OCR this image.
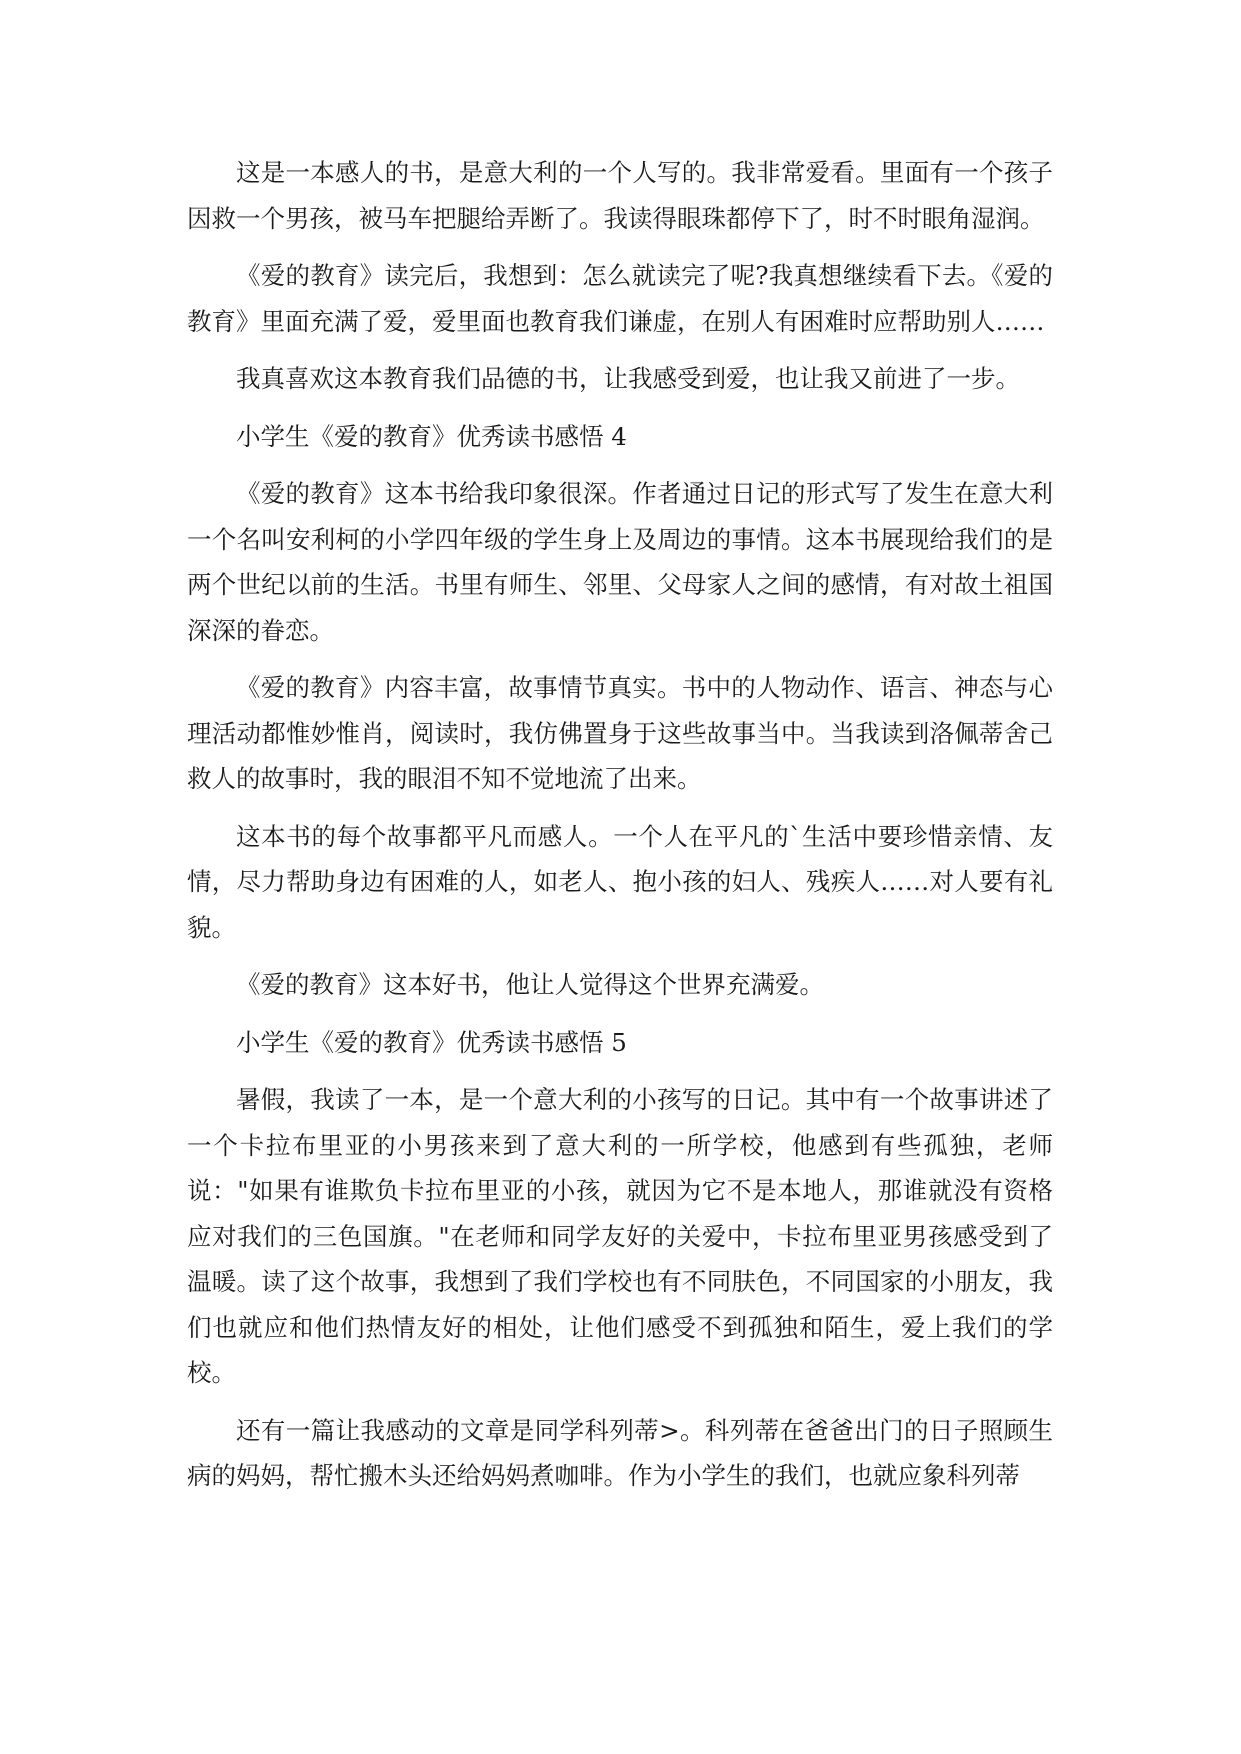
这是一本感人的书，是意大利的一个人写的。我非常爱看。里面有一个孩子因救一个男孩，被马车把腿给弄断了。我读得眼珠都停下了，时不时眼角湿润。

《爱的教育》读完后，我想到：怎么就读完了呢?我真想继续看下去。《爱的教育》里面充满了爱，爱里面也教育我们谦虚，在别人有困难时应帮助别人……

我真喜欢这本教育我们品德的书，让我感受到爱，也让我又前进了一步。

小学生《爱的教育》优秀读书感悟 4

《爱的教育》这本书给我印象很深。作者通过日记的形式写了发生在意大利一个名叫安利柯的小学四年级的学生身上及周边的事情。这本书展现给我们的是两个世纪以前的生活。书里有师生、邻里、父母家人之间的感情，有对故土祖国深深的眷恋。

《爱的教育》内容丰富，故事情节真实。书中的人物动作、语言、神态与心理活动都惟妙惟肖，阅读时，我仿佛置身于这些故事当中。当我读到洛佩蒂舍己救人的故事时，我的眼泪不知不觉地流了出来。

这本书的每个故事都平凡而感人。一个人在平凡的`生活中要珍惜亲情、友情，尽力帮助身边有困难的人，如老人、抱小孩的妇人、残疾人……对人要有礼貌。

《爱的教育》这本好书，他让人觉得这个世界充满爱。

小学生《爱的教育》优秀读书感悟 5

暑假，我读了一本，是一个意大利的小孩写的日记。其中有一个故事讲述了一个卡拉布里亚的小男孩来到了意大利的一所学校，他感到有些孤独，老师说："如果有谁欺负卡拉布里亚的小孩，就因为它不是本地人，那谁就没有资格应对我们的三色国旗。"在老师和同学友好的关爱中，卡拉布里亚男孩感受到了温暖。读了这个故事，我想到了我们学校也有不同肤色，不同国家的小朋友，我们也就应和他们热情友好的相处，让他们感受不到孤独和陌生，爱上我们的学校。

还有一篇让我感动的文章是同学科列蒂>。科列蒂在爸爸出门的日子照顾生病的妈妈，帮忙搬木头还给妈妈煮咖啡。作为小学生的我们，也就应象科列蒂
